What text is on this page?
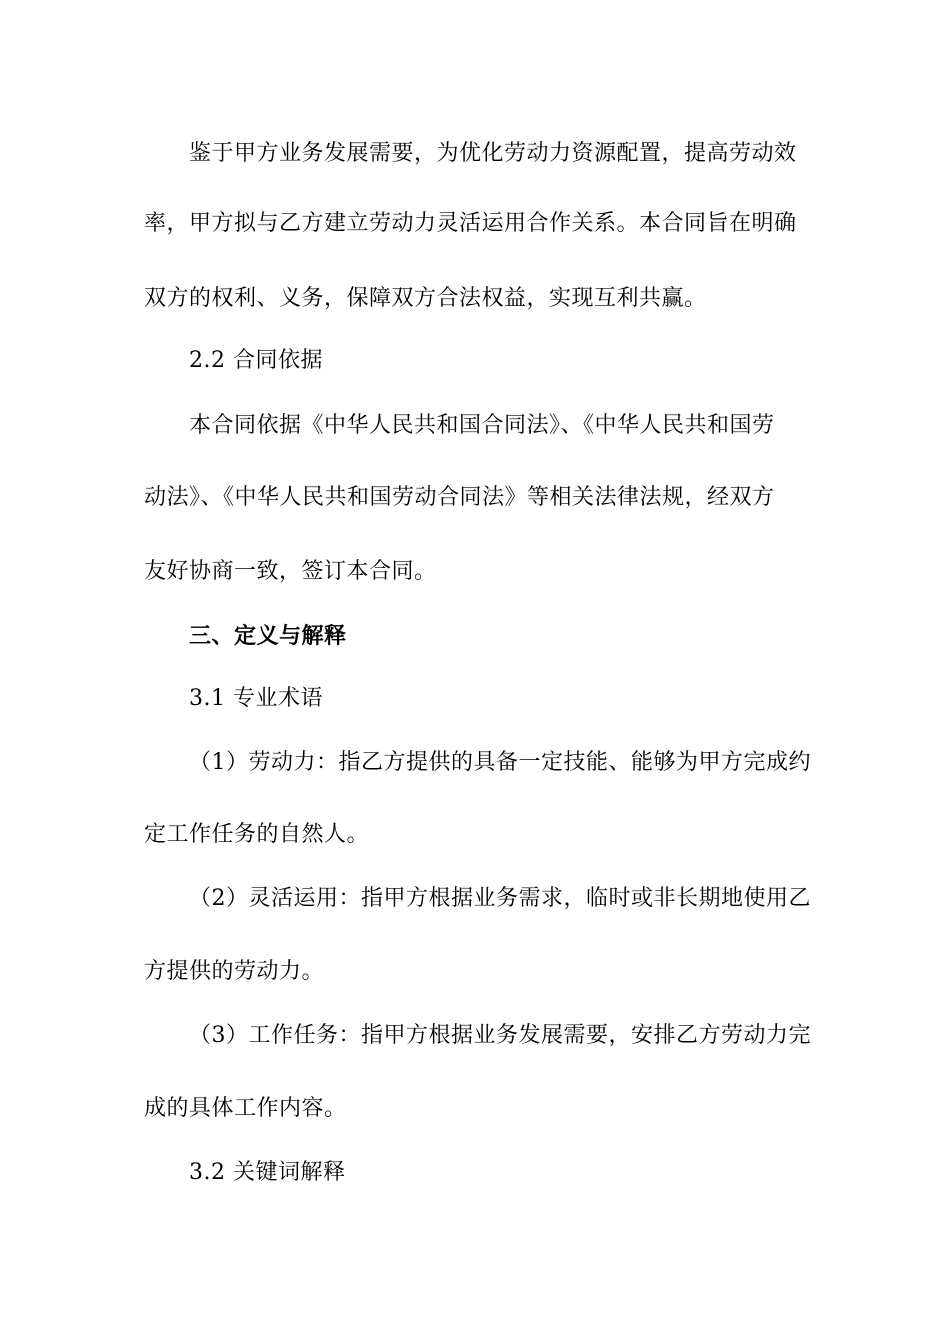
鉴于甲方业务发展需要，为优化劳动力资源配置，提高劳动效

率，甲方拟与乙方建立劳动力灵活运用合作关系。本合同旨在明确

双方的权利、义务，保障双方合法权益，实现互利共赢。

2.2 合同依据

本合同依据《中华人民共和国合同法》、《中华人民共和国劳

动法》、《中华人民共和国劳动合同法》等相关法律法规，经双方

友好协商一致，签订本合同。

三、定义与解释

3.1 专业术语

（1）劳动力：指乙方提供的具备一定技能、能够为甲方完成约

定工作任务的自然人。

（2）灵活运用：指甲方根据业务需求，临时或非长期地使用乙

方提供的劳动力。

（3）工作任务：指甲方根据业务发展需要，安排乙方劳动力完

成的具体工作内容。

3.2 关键词解释
